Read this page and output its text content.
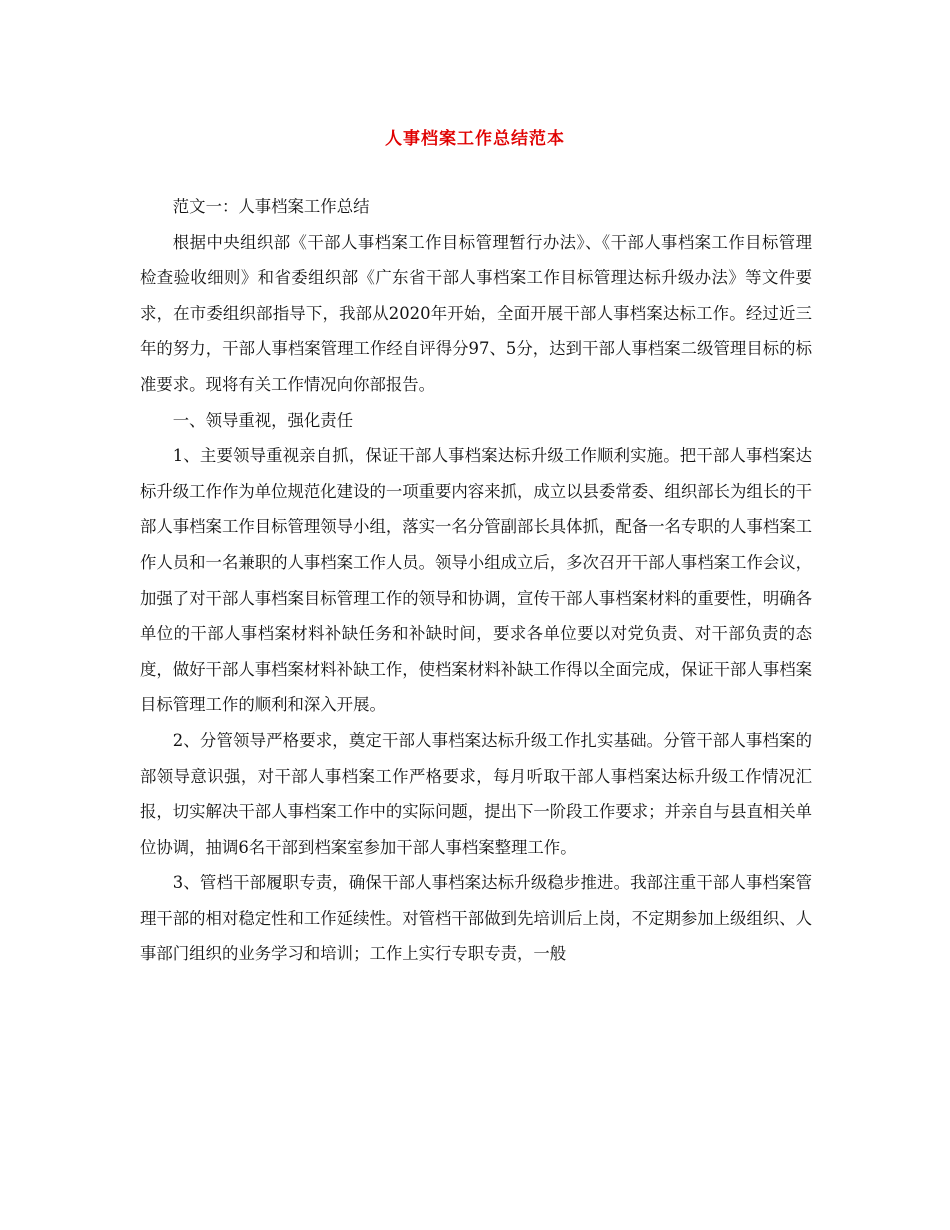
人事档案工作总结范本

范文一：人事档案工作总结

根据中央组织部《干部人事档案工作目标管理暂行办法》、《干部人事档案工作目标管理检查验收细则》和省委组织部《广东省干部人事档案工作目标管理达标升级办法》等文件要求，在市委组织部指导下，我部从2020年开始，全面开展干部人事档案达标工作。经过近三年的努力，干部人事档案管理工作经自评得分97、5分，达到干部人事档案二级管理目标的标准要求。现将有关工作情况向你部报告。

一、领导重视，强化责任

1、主要领导重视亲自抓，保证干部人事档案达标升级工作顺利实施。把干部人事档案达标升级工作作为单位规范化建设的一项重要内容来抓，成立以县委常委、组织部长为组长的干部人事档案工作目标管理领导小组，落实一名分管副部长具体抓，配备一名专职的人事档案工作人员和一名兼职的人事档案工作人员。领导小组成立后，多次召开干部人事档案工作会议，加强了对干部人事档案目标管理工作的领导和协调，宣传干部人事档案材料的重要性，明确各单位的干部人事档案材料补缺任务和补缺时间，要求各单位要以对党负责、对干部负责的态度，做好干部人事档案材料补缺工作，使档案材料补缺工作得以全面完成，保证干部人事档案目标管理工作的顺利和深入开展。

2、分管领导严格要求，奠定干部人事档案达标升级工作扎实基础。分管干部人事档案的部领导意识强，对干部人事档案工作严格要求，每月听取干部人事档案达标升级工作情况汇报，切实解决干部人事档案工作中的实际问题，提出下一阶段工作要求；并亲自与县直相关单位协调，抽调6名干部到档案室参加干部人事档案整理工作。

3、管档干部履职专责，确保干部人事档案达标升级稳步推进。我部注重干部人事档案管理干部的相对稳定性和工作延续性。对管档干部做到先培训后上岗，不定期参加上级组织、人事部门组织的业务学习和培训；工作上实行专职专责，一般
